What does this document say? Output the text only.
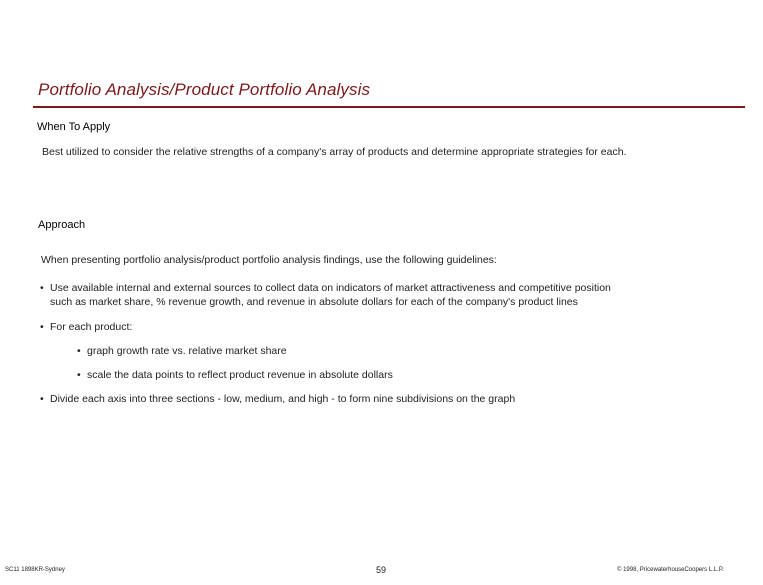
Portfolio Analysis/Product Portfolio Analysis
When To Apply
Best utilized to consider the relative strengths of a company's array of products and determine appropriate strategies for each.
Approach
When presenting portfolio analysis/product portfolio analysis findings, use the following guidelines:
• Use available internal and external sources to collect data on indicators of market attractiveness and competitive position
such as market share, % revenue growth, and revenue in absolute dollars for each of the company's product lines
• For each product:
• graph growth rate vs. relative market share
• scale the data points to reflect product revenue in absolute dollars
• Divide each axis into three sections - low, medium, and high - to form nine subdivisions on the graph
SC11 1898KR-Sydney	59	© 1998, PricewaterhouseCoopers L.L.P.
